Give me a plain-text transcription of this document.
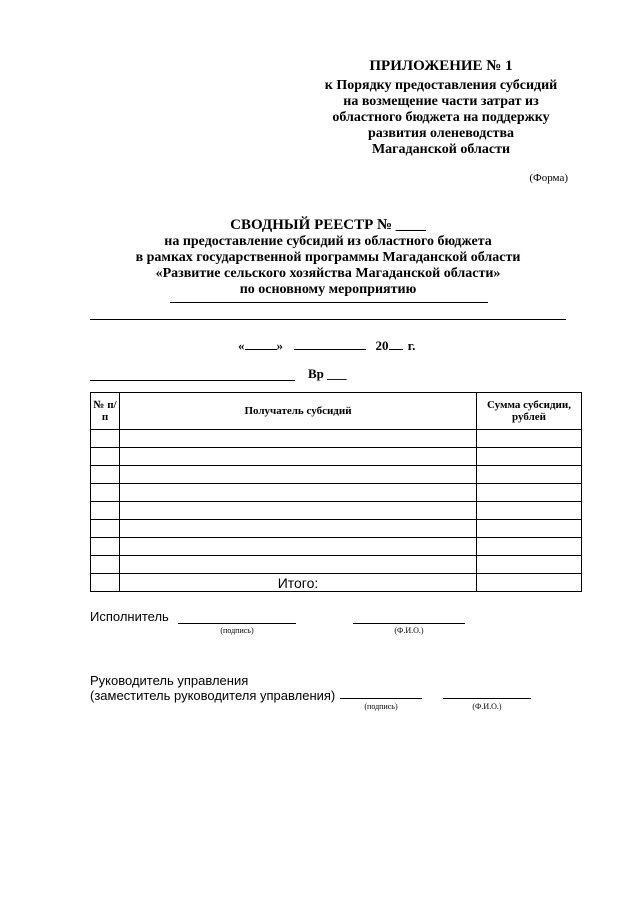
ПРИЛОЖЕНИЕ № 1
к Порядку предоставления субсидий
на возмещение части затрат из
областного бюджета на поддержку
развития оленеводства
Магаданской области
(Форма)
СВОДНЫЙ РЕЕСТР № ____
на предоставление субсидий из областного бюджета
в рамках государственной программы Магаданской области
«Развитие сельского хозяйства Магаданской области»
по основному мероприятию
« »	20 г.
Вр ___
№ п/п	Получатель субсидий	Сумма субсидии, рублей

	Итого:	
Исполнитель
(подпись)	(Ф.И.О.)
Руководитель управления
(заместитель руководителя управления)
(подпись)	(Ф.И.О.)
